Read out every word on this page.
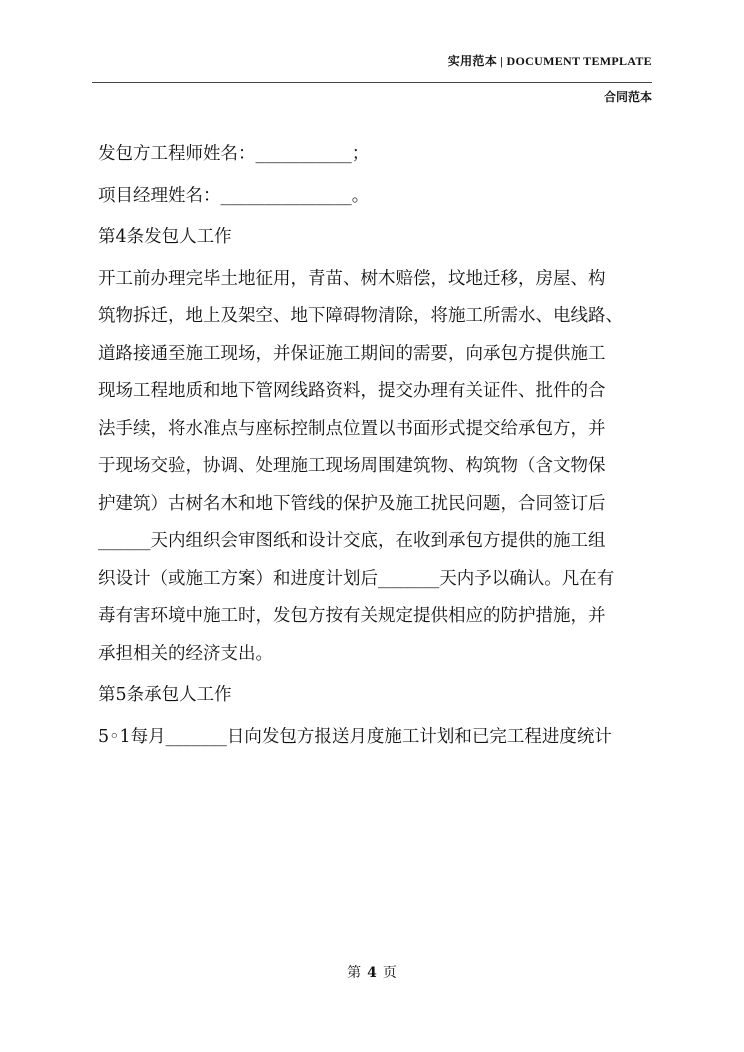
实用范本 | DOCUMENT TEMPLATE
合同范本

发包方工程师姓名：___________；

项目经理姓名：_______________。

第4条发包人工作

开工前办理完毕土地征用，青苗、树木赔偿，坟地迁移，房屋、构

筑物拆迁，地上及架空、地下障碍物清除，将施工所需水、电线路、

道路接通至施工现场，并保证施工期间的需要，向承包方提供施工

现场工程地质和地下管网线路资料，提交办理有关证件、批件的合

法手续，将水准点与座标控制点位置以书面形式提交给承包方，并

于现场交验，协调、处理施工现场周围建筑物、构筑物（含文物保

护建筑）古树名木和地下管线的保护及施工扰民问题，合同签订后

______天内组织会审图纸和设计交底，在收到承包方提供的施工组

织设计（或施工方案）和进度计划后_______天内予以确认。凡在有

毒有害环境中施工时，发包方按有关规定提供相应的防护措施，并

承担相关的经济支出。

第5条承包人工作

5◦1每月_______日向发包方报送月度施工计划和已完工程进度统计

第 4 页
